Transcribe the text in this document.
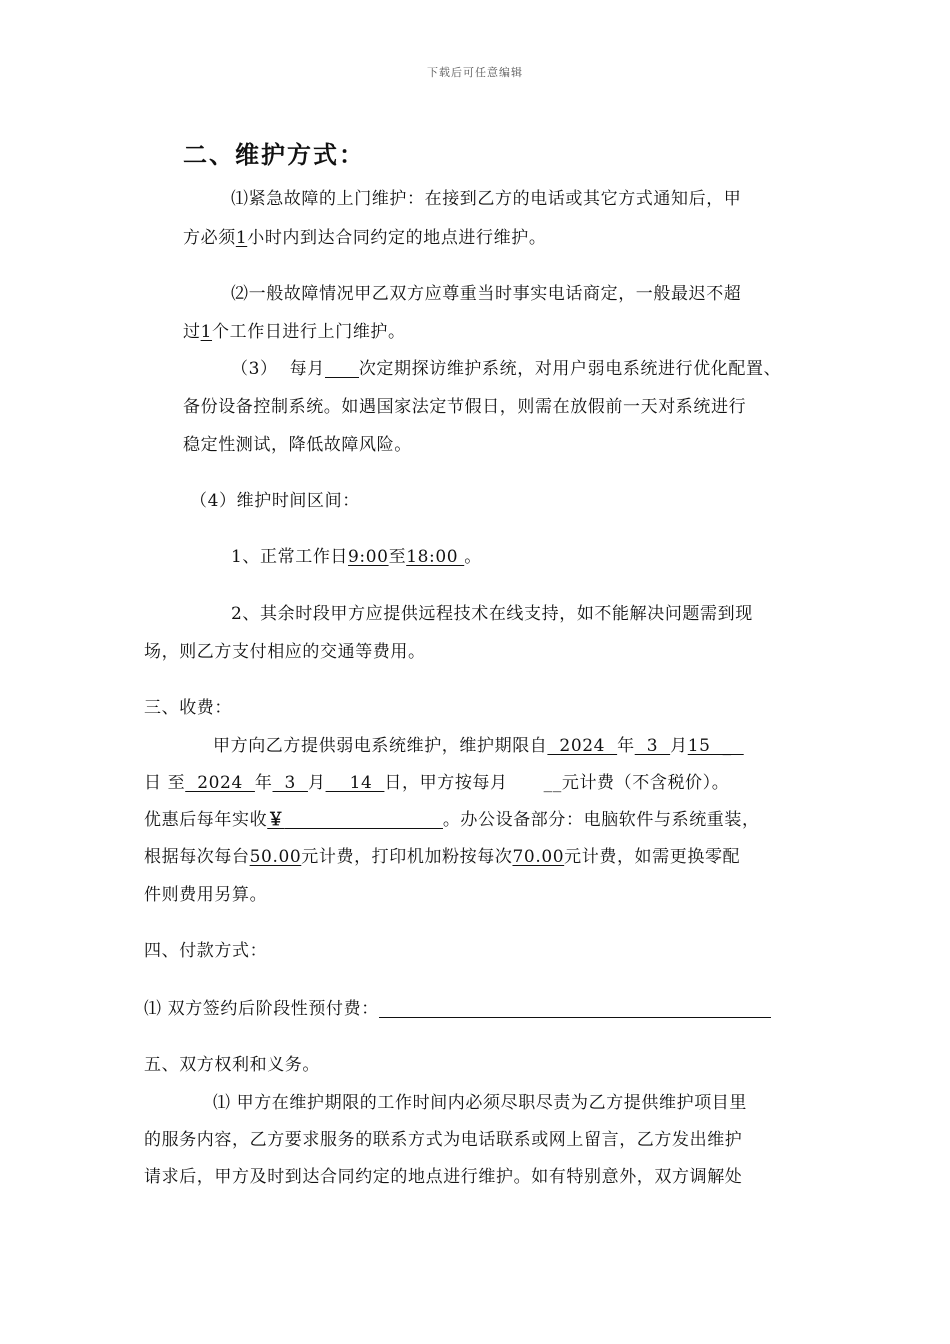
下载后可任意编辑
二、维护方式：
⑴紧急故障的上门维护：在接到乙方的电话或其它方式通知后，甲
方必须1小时内到达合同约定的地点进行维护。
⑵一般故障情况甲乙双方应尊重当时事实电话商定，一般最迟不超
过1个工作日进行上门维护。
（3）  每月 次定期探访维护系统，对用户弱电系统进行优化配置、
备份设备控制系统。如遇国家法定节假日，则需在放假前一天对系统进行
稳定性测试，降低故障风险。
（4）维护时间区间：
1、正常工作日9:00至18:00 。
2、其余时段甲方应提供远程技术在线支持，如不能解决问题需到现
场，则乙方支付相应的交通等费用。
三、收费：
甲方向乙方提供弱电系统维护，维护期限自  2024  年  3  月15  _
日 至  2024  年  3  月    14  日，甲方按每月      __元计费（不含税价）。
优惠后每年实收￥	。办公设备部分：电脑软件与系统重装，
根据每次每台50.00元计费，打印机加粉按每次70.00元计费，如需更换零配
件则费用另算。
四、付款方式：
⑴ 双方签约后阶段性预付费：
五、双方权利和义务。
⑴ 甲方在维护期限的工作时间内必须尽职尽责为乙方提供维护项目里
的服务内容，乙方要求服务的联系方式为电话联系或网上留言，乙方发出维护
请求后，甲方及时到达合同约定的地点进行维护。如有特别意外，双方调解处
